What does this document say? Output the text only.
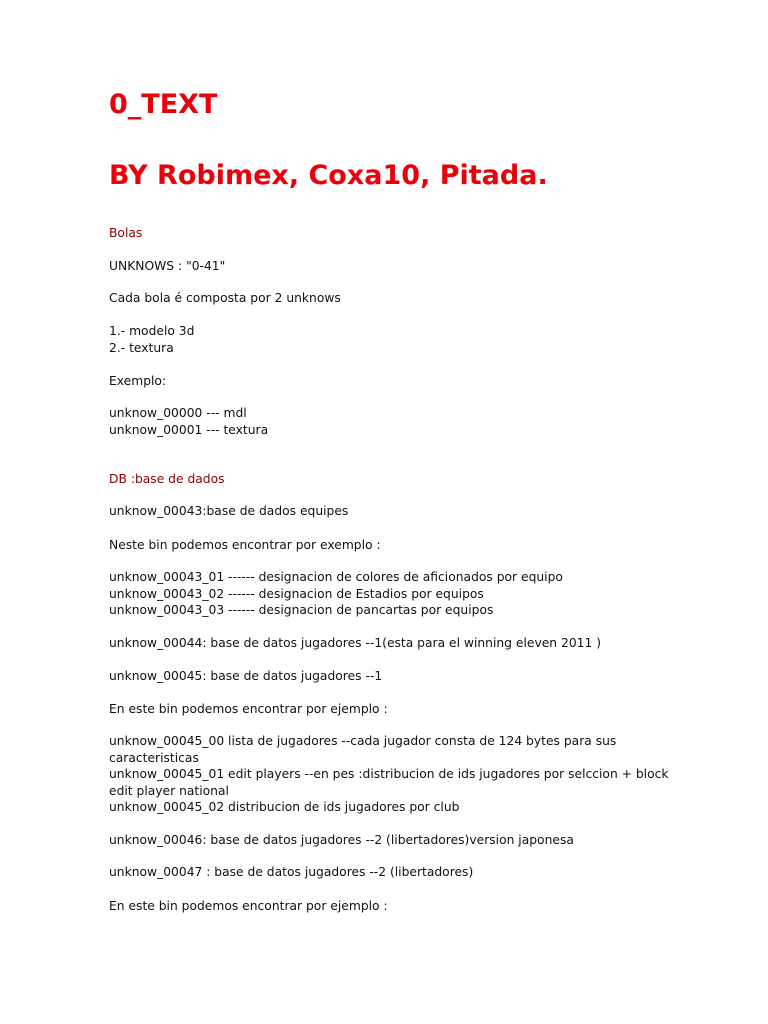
0_TEXT
BY Robimex, Coxa10, Pitada.
Bolas
UNKNOWS : "0-41"
Cada bola é composta por 2 unknows
1.- modelo 3d
2.- textura
Exemplo:
unknow_00000 --- mdl
unknow_00001 --- textura
DB :base de dados
unknow_00043:base de dados equipes
Neste bin podemos encontrar por exemplo :
unknow_00043_01 ------ designacion de colores de aficionados por equipo
unknow_00043_02 ------ designacion de Estadios por equipos
unknow_00043_03 ------ designacion de pancartas por equipos
unknow_00044: base de datos jugadores --1(esta para el winning eleven 2011 )
unknow_00045: base de datos jugadores --1
En este bin podemos encontrar por ejemplo :
unknow_00045_00 lista de jugadores --cada jugador consta de 124 bytes para sus caracteristicas
unknow_00045_01 edit players --en pes :distribucion de ids jugadores por selccion + block edit player national
unknow_00045_02 distribucion de ids jugadores por club
unknow_00046: base de datos jugadores --2 (libertadores)version japonesa
unknow_00047 : base de datos jugadores --2 (libertadores)
En este bin podemos encontrar por ejemplo :
